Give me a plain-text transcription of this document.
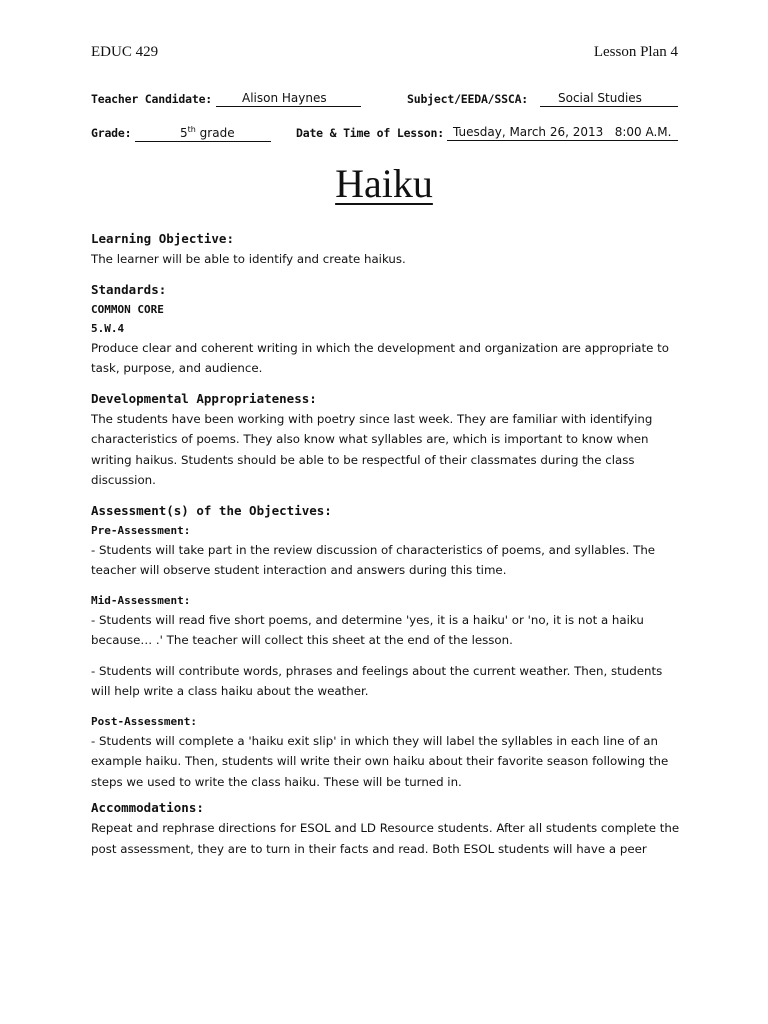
EDUC 429	Lesson Plan 4
Teacher Candidate:	Alison Haynes	Subject/EEDA/SSCA:	Social Studies
Grade:	5th grade	Date & Time of Lesson: Tuesday, March 26, 2013   8:00 A.M.
Haiku
Learning Objective:

The learner will be able to identify and create haikus.

Standards:
COMMON CORE
5.W.4

Produce clear and coherent writing in which the development and organization are appropriate to task, purpose, and audience.

Developmental Appropriateness:

The students have been working with poetry since last week. They are familiar with identifying characteristics of poems. They also know what syllables are, which is important to know when writing haikus. Students should be able to be respectful of their classmates during the class discussion.

Assessment(s) of the Objectives:
Pre-Assessment:

- Students will take part in the review discussion of characteristics of poems, and syllables. The teacher will observe student interaction and answers during this time.

Mid-Assessment:

- Students will read five short poems, and determine 'yes, it is a haiku' or 'no, it is not a haiku because… .' The teacher will collect this sheet at the end of the lesson.

- Students will contribute words, phrases and feelings about the current weather. Then, students will help write a class haiku about the weather.

Post-Assessment:

- Students will complete a 'haiku exit slip' in which they will label the syllables in each line of an example haiku. Then, students will write their own haiku about their favorite season following the steps we used to write the class haiku. These will be turned in.

Accommodations:

Repeat and rephrase directions for ESOL and LD Resource students. After all students complete the post assessment, they are to turn in their facts and read. Both ESOL students will have a peer
